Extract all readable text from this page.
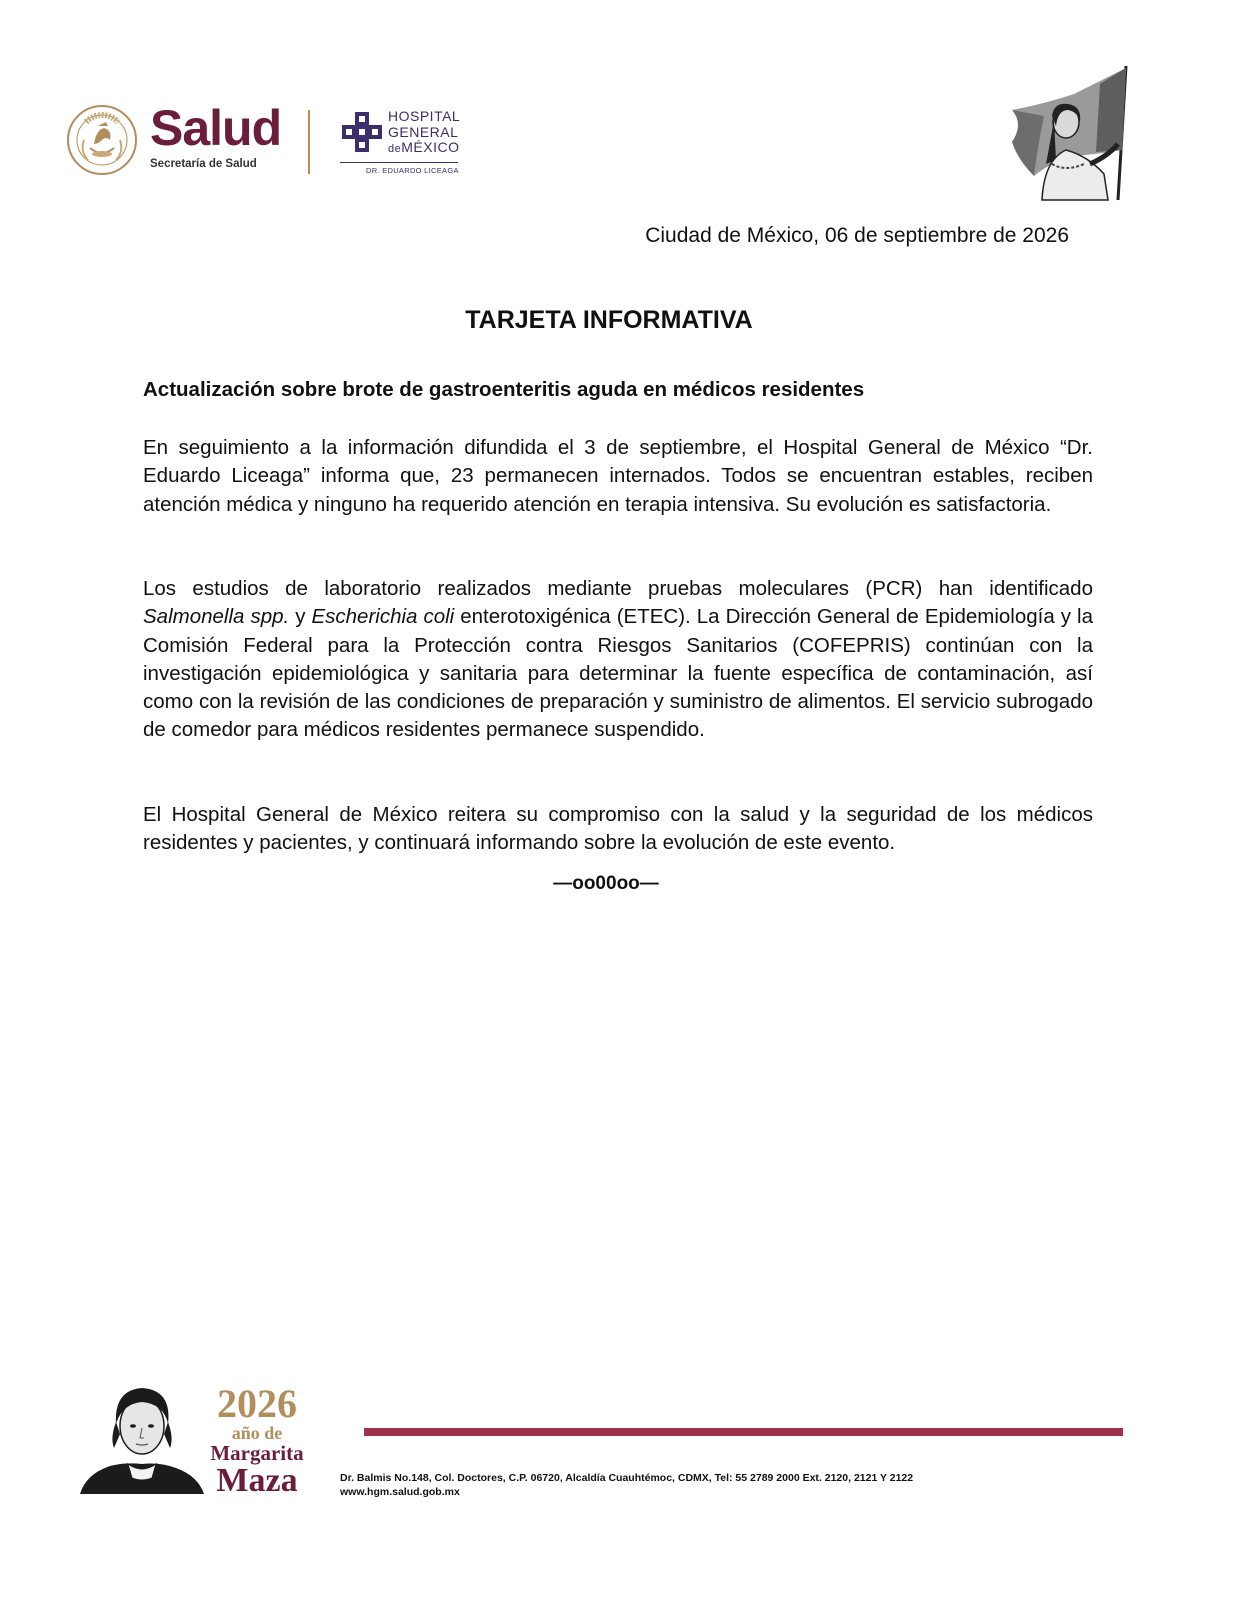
Salud
Secretaría de Salud
HOSPITAL
GENERAL
deMÉXICO
DR. EDUARDO LICEAGA
Ciudad de México, 06 de septiembre de 2026
TARJETA INFORMATIVA
Actualización sobre brote de gastroenteritis aguda en médicos residentes

En seguimiento a la información difundida el 3 de septiembre, el Hospital General de México “Dr. Eduardo Liceaga” informa que, 23 permanecen internados. Todos se encuentran estables, reciben atención médica y ninguno ha requerido atención en terapia intensiva. Su evolución es satisfactoria.

Los estudios de laboratorio realizados mediante pruebas moleculares (PCR) han identificado Salmonella spp. y Escherichia coli enterotoxigénica (ETEC). La Dirección General de Epidemiología y la Comisión Federal para la Protección contra Riesgos Sanitarios (COFEPRIS) continúan con la investigación epidemiológica y sanitaria para determinar la fuente específica de contaminación, así como con la revisión de las condiciones de preparación y suministro de alimentos. El servicio subrogado de comedor para médicos residentes permanece suspendido.

El Hospital General de México reitera su compromiso con la salud y la seguridad de los médicos residentes y pacientes, y continuará informando sobre la evolución de este evento.

—oo00oo—
2026
año de
Margarita
Maza	Dr. Balmis No.148, Col. Doctores, C.P. 06720, Alcaldía Cuauhtémoc, CDMX, Tel: 55 2789 2000 Ext. 2120, 2121 Y 2122
www.hgm.salud.gob.mx
